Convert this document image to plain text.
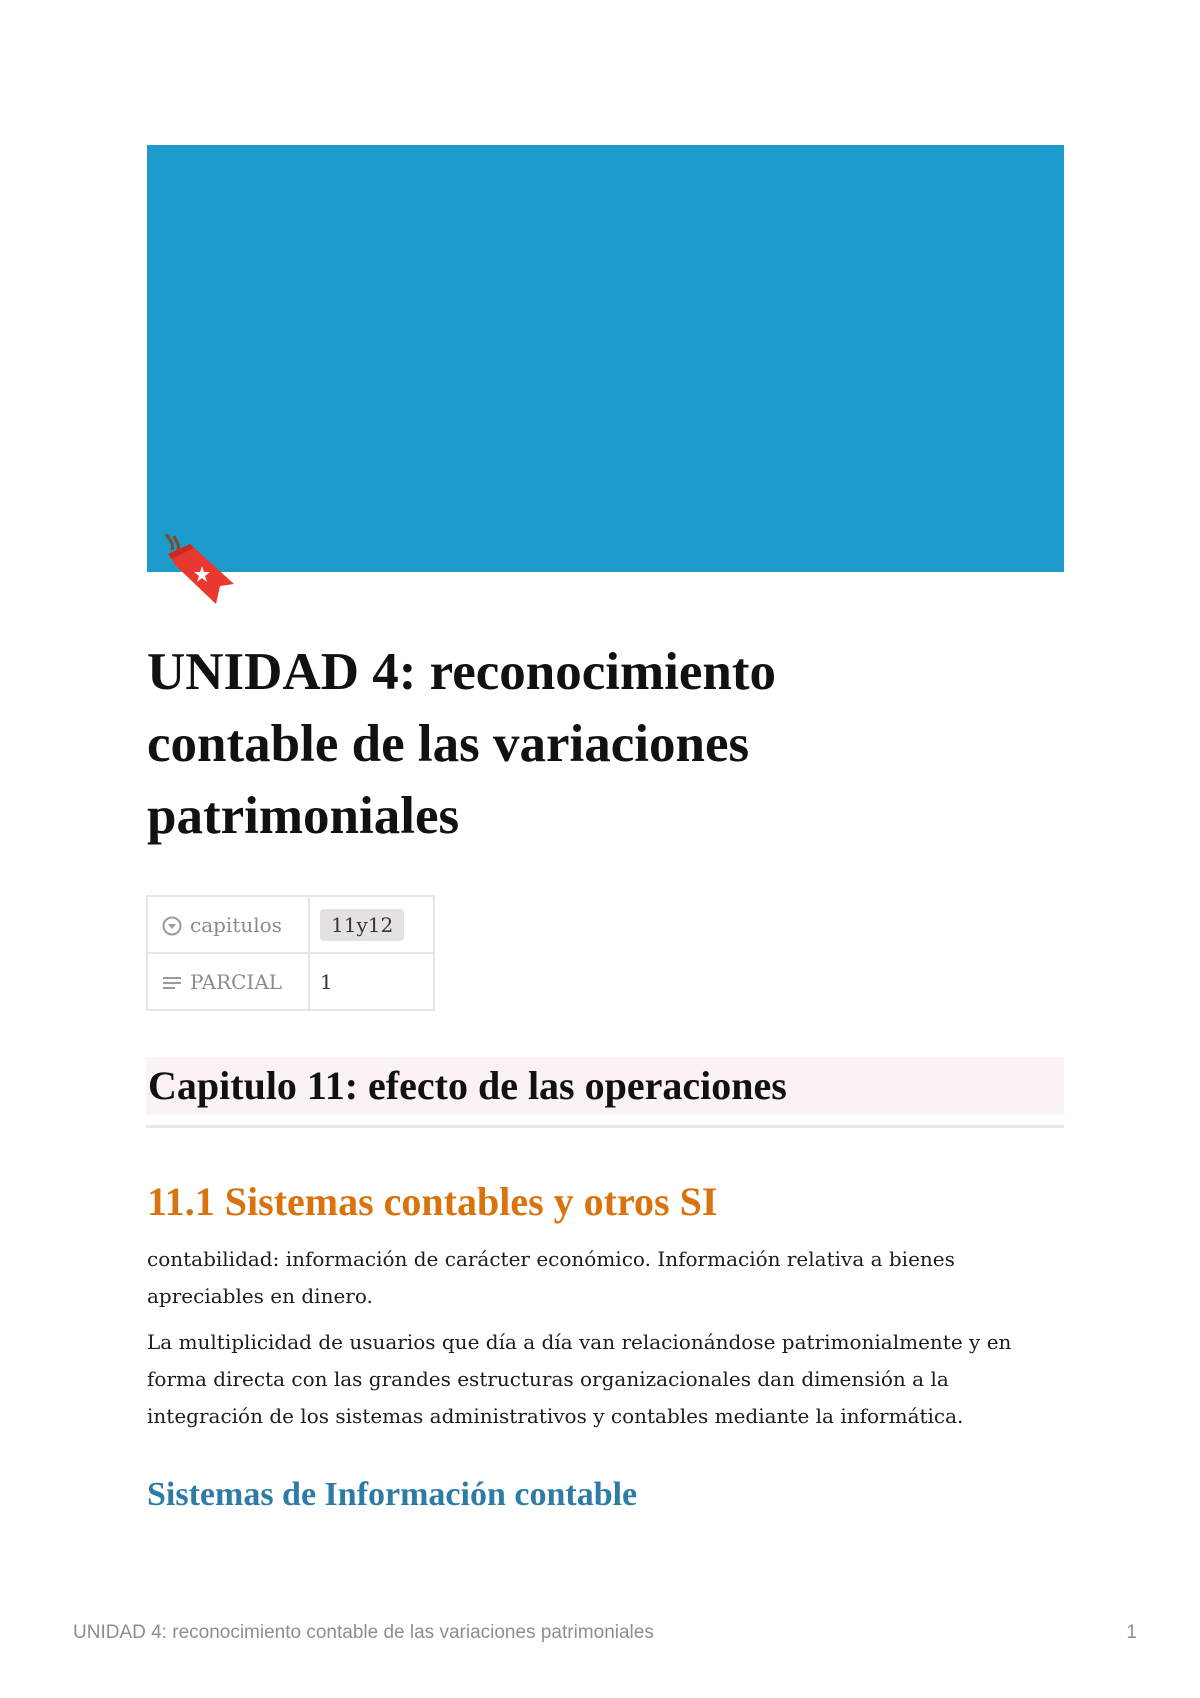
UNIDAD 4: reconocimiento
contable de las variaciones
patrimoniales
capitulos	11y12
PARCIAL	1
Capitulo 11: efecto de las operaciones
11.1 Sistemas contables y otros SI

contabilidad: información de carácter económico. Información relativa a bienes apreciables en dinero.

La multiplicidad de usuarios que día a día van relacionándose patrimonialmente y en forma directa con las grandes estructuras organizacionales dan dimensión a la integración de los sistemas administrativos y contables mediante la informática.

Sistemas de Información contable
UNIDAD 4: reconocimiento contable de las variaciones patrimoniales	1
